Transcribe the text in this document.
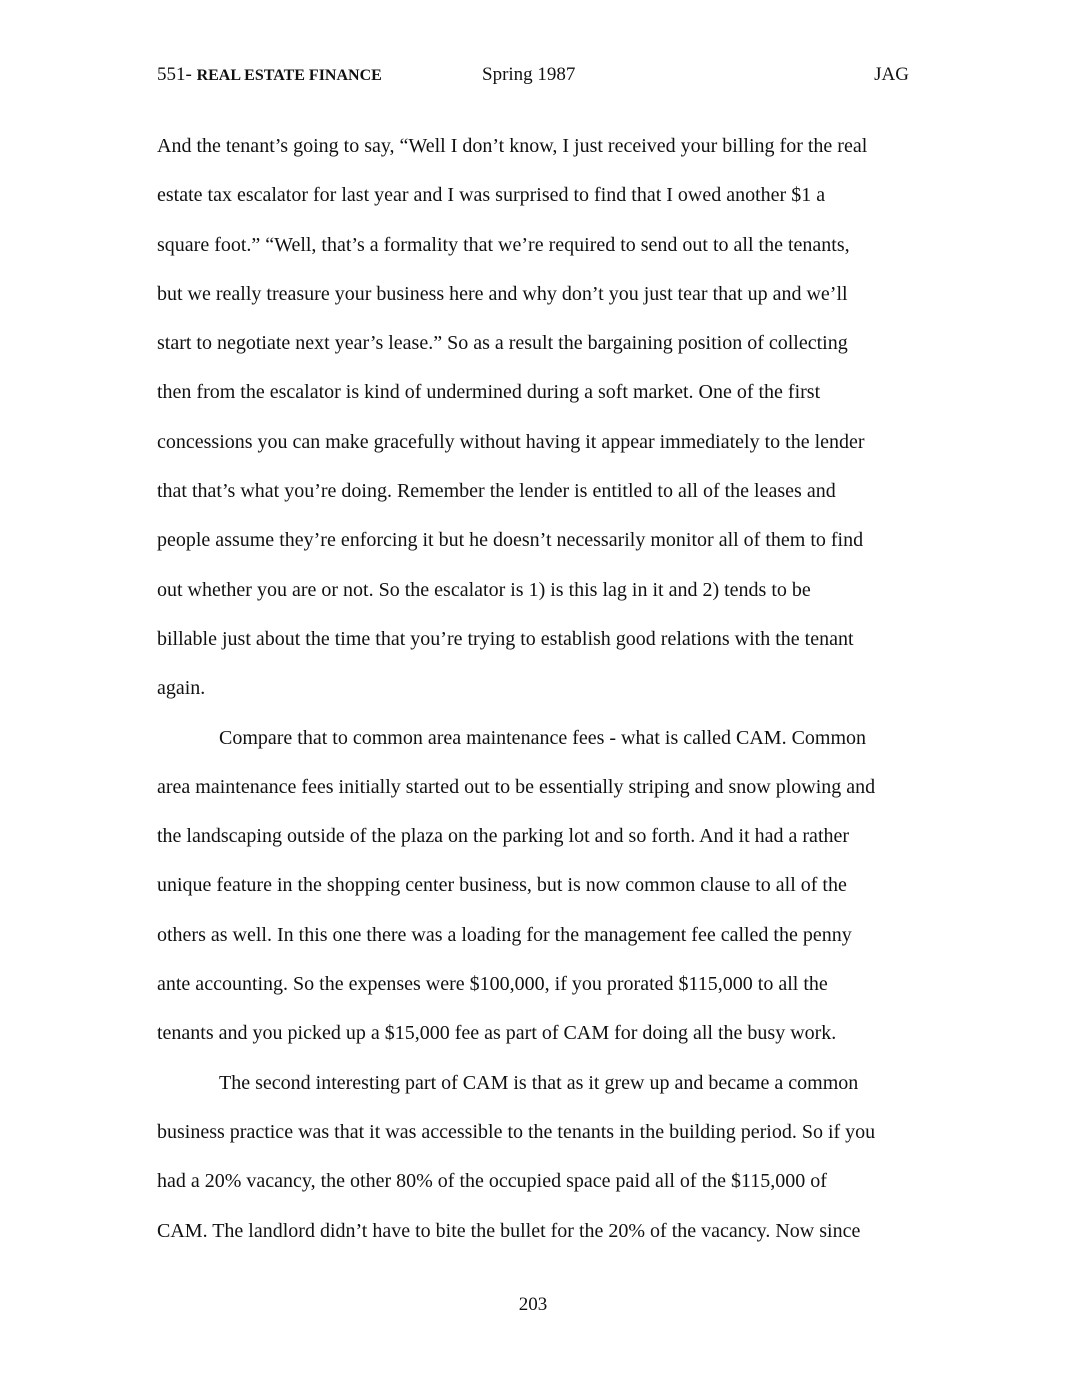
551- REAL ESTATE FINANCE	Spring 1987	JAG
And the tenant’s going to say, “Well I don’t know, I just received your billing for the real
estate tax escalator for last year and I was surprised to find that I owed another $1 a
square foot.” “Well, that’s a formality that we’re required to send out to all the tenants,
but we really treasure your business here and why don’t you just tear that up and we’ll
start to negotiate next year’s lease.” So as a result the bargaining position of collecting
then from the escalator is kind of undermined during a soft market. One of the first
concessions you can make gracefully without having it appear immediately to the lender
that that’s what you’re doing. Remember the lender is entitled to all of the leases and
people assume they’re enforcing it but he doesn’t necessarily monitor all of them to find
out whether you are or not. So the escalator is 1) is this lag in it and 2) tends to be
billable just about the time that you’re trying to establish good relations with the tenant
again.
Compare that to common area maintenance fees - what is called CAM. Common
area maintenance fees initially started out to be essentially striping and snow plowing and
the landscaping outside of the plaza on the parking lot and so forth. And it had a rather
unique feature in the shopping center business, but is now common clause to all of the
others as well. In this one there was a loading for the management fee called the penny
ante accounting. So the expenses were $100,000, if you prorated $115,000 to all the
tenants and you picked up a $15,000 fee as part of CAM for doing all the busy work.
The second interesting part of CAM is that as it grew up and became a common
business practice was that it was accessible to the tenants in the building period. So if you
had a 20% vacancy, the other 80% of the occupied space paid all of the $115,000 of
CAM. The landlord didn’t have to bite the bullet for the 20% of the vacancy. Now since
203
